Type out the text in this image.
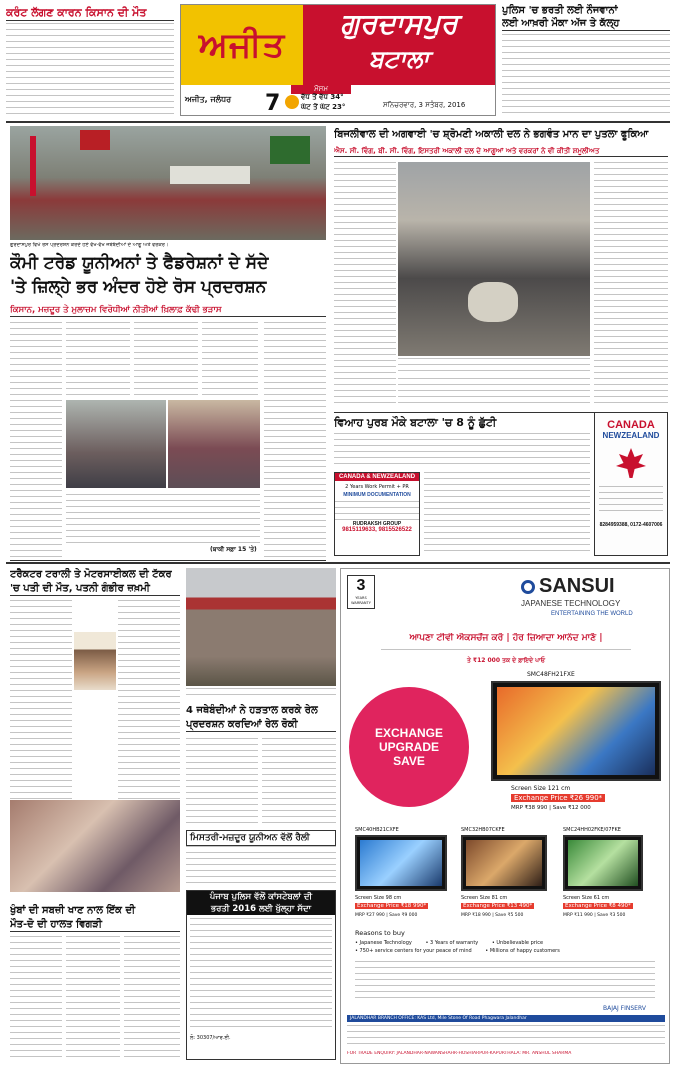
ਕਰੰਟ ਲੱਗਣ ਕਾਰਨ ਕਿਸਾਨ ਦੀ ਮੌਤ
ਅਜੀਤ
ਗੁਰਦਾਸਪੁਰ
ਬਟਾਲਾ
ਅਜੀਤ, ਜਲੰਧਰ
ਮੌਸਮ
7	ਵੱਧ ਤੋਂ ਵੱਧ 34°
ਘੱਟ ਤੋਂ ਘੱਟ 23°	ਸਨਿਚਰਵਾਰ, 3 ਸਤੰਬਰ, 2016
ਪੁਲਿਸ 'ਚ ਭਰਤੀ ਲਈ ਨੌਜਵਾਨਾਂ
ਲਈ ਆਖ਼ਰੀ ਮੌਕਾ ਅੱਜ ਤੇ ਕੱਲ੍ਹ
ਗੁਰਦਾਸਪੁਰ ਵਿਖੇ ਰੋਸ ਪ੍ਰਦਰਸ਼ਨ ਕਰਦੇ ਹੋਏ ਵੱਖ-ਵੱਖ ਜਥੇਬੰਦੀਆਂ ਦੇ ਆਗੂ ਅਤੇ ਵਰਕਰ।
ਕੌਮੀ ਟਰੇਡ ਯੂਨੀਅਨਾਂ ਤੇ ਫੈਡਰੇਸ਼ਨਾਂ ਦੇ ਸੱਦੇ
'ਤੇ ਜ਼ਿਲ੍ਹੇ ਭਰ ਅੰਦਰ ਹੋਏ ਰੋਸ ਪ੍ਰਦਰਸ਼ਨ
ਕਿਸਾਨ, ਮਜ਼ਦੂਰ ਤੇ ਮੁਲਾਜ਼ਮ ਵਿਰੋਧੀਆਂ ਨੀਤੀਆਂ ਖ਼ਿਲਾਫ਼ ਕੱਢੀ ਭੜਾਸ
(ਬਾਕੀ ਸਫ਼ਾ 15 'ਤੇ)
ਬਿਜਲੀਵਾਲ ਦੀ ਅਗਵਾਈ 'ਚ ਸ਼੍ਰੋਮਣੀ ਅਕਾਲੀ ਦਲ ਨੇ ਭਗਵੰਤ ਮਾਨ ਦਾ ਪੁਤਲਾ ਫੂਕਿਆ
ਐਸ. ਸੀ. ਵਿੰਗ, ਬੀ. ਸੀ. ਵਿੰਗ, ਇਸਤਰੀ ਅਕਾਲੀ ਦਲ ਦੇ ਆਗੂਆਂ ਅਤੇ ਵਰਕਰਾਂ ਨੇ ਵੀ ਕੀਤੀ ਸ਼ਮੂਲੀਅਤ
ਵਿਆਹ ਪੁਰਬ ਮੌਕੇ ਬਟਾਲਾ 'ਚ 8 ਨੂੰ ਛੁੱਟੀ
CANADA & NEWZEALAND
2 Years Work Permit + PR
MINIMUM DOCUMENTATION
RUDRAKSH GROUP
9815119633, 9815526522
CANADA
NEWZEALAND
8284959388, 0172-4607006
ਟਰੈਕਟਰ ਟਰਾਲੀ ਤੇ ਮੋਟਰਸਾਈਕਲ ਦੀ ਟੱਕਰ
'ਚ ਪਤੀ ਦੀ ਮੌਤ, ਪਤਨੀ ਗੰਭੀਰ ਜ਼ਖ਼ਮੀ
ਖੁੰਬਾਂ ਦੀ ਸਬਜ਼ੀ ਖਾਣ ਨਾਲ ਇੱਕ ਦੀ
ਮੌਤ-ਦੋ ਦੀ ਹਾਲਤ ਵਿਗੜੀ
4 ਜਥੇਬੰਦੀਆਂ ਨੇ ਹੜਤਾਲ ਕਰਕੇ ਰੇਲ
ਪ੍ਰਦਰਸ਼ਨ ਕਰਦਿਆਂ ਰੇਲ ਰੋਕੀ
ਮਿਸਤਰੀ-ਮਜ਼ਦੂਰ ਯੂਨੀਅਨ ਵੱਲੋਂ ਰੈਲੀ
ਪੰਜਾਬ ਪੁਲਿਸ ਵੱਲੋਂ ਕਾਂਸਟੇਬਲਾਂ ਦੀ
ਭਰਤੀ 2016 ਲਈ ਖੁੱਲ੍ਹਾ ਸੱਦਾ
ਲੋ: 30307/ਆਰ.ਈ.
3
YEARS WARRANTY
SANSUI
JAPANESE TECHNOLOGY
ENTERTAINING THE WORLD
ਆਪਣਾ ਟੀਵੀ ਐਕਸਚੇਂਜ ਕਰੋ | ਹੋਰ ਜ਼ਿਆਦਾ ਆਨੰਦ ਮਾਣੋ |
ਤੇ ₹12 000 ਤਕ ਦੇ ਫ਼ਾਇਦੇ ਪਾਓ
EXCHANGE
UPGRADE
SAVE
SMC48FH21FXE
Screen Size 121 cm
Exchange Price ₹26 990*
MRP ₹38 990 | Save ₹12 000
SMC40HB21CXFE
Screen Size 98 cm
Exchange Price ₹18 990*
MRP ₹27 990 | Save ₹9 000
SMC32HB07CKFE
Screen Size 81 cm
Exchange Price ₹13 490*
MRP ₹18 990 | Save ₹5 500
SMC24HH02FKE/07FKE
Screen Size 61 cm
Exchange Price ₹8 490*
MRP ₹11 990 | Save ₹3 500
Reasons to buy
• Japanese Technology	• 3 Years of warranty	• Unbelievable price
• 750+ service centers for your peace of mind	• Millions of happy customers
BAJAJ FINSERV
JALANDHAR BRANCH OFFICE: KAS Ltd, Mile Stone Of Road Phagwara Jalandhar
FOR TRADE ENQUIRY: JALANDHAR-NAWANSHAHR-HOSHIARPUR-KAPURTHALA: MR. ANSHUL SHARMA
